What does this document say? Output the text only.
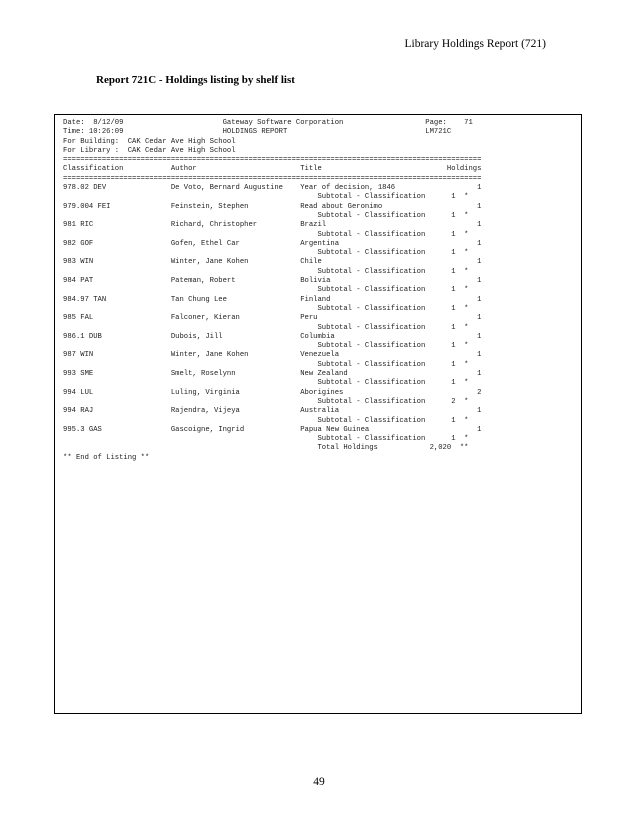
Library Holdings Report (721)
Report 721C - Holdings listing by shelf list
Date:  8/12/09                       Gateway Software Corporation                   Page:    71
Time: 10:26:09                       HOLDINGS REPORT                                LM721C
For Building:  CAK Cedar Ave High School
For Library :  CAK Cedar Ave High School
=================================================================================================
Classification           Author                        Title                             Holdings
=================================================================================================
978.02 DEV               De Voto, Bernard Augustine    Year of decision, 1846                   1
Subtotal - Classification      1  *
979.004 FEI              Feinstein, Stephen            Read about Geronimo                      1
Subtotal - Classification      1  *
981 RIC                  Richard, Christopher          Brazil                                   1
Subtotal - Classification      1  *
982 GOF                  Gofen, Ethel Car              Argentina                                1
Subtotal - Classification      1  *
983 WIN                  Winter, Jane Kohen            Chile                                    1
Subtotal - Classification      1  *
984 PAT                  Pateman, Robert               Bolivia                                  1
Subtotal - Classification      1  *
984.97 TAN               Tan Chung Lee                 Finland                                  1
Subtotal - Classification      1  *
985 FAL                  Falconer, Kieran              Peru                                     1
Subtotal - Classification      1  *
986.1 DUB                Dubois, Jill                  Columbia                                 1
Subtotal - Classification      1  *
987 WIN                  Winter, Jane Kohen            Venezuela                                1
Subtotal - Classification      1  *
993 SME                  Smelt, Roselynn               New Zealand                              1
Subtotal - Classification      1  *
994 LUL                  Luling, Virginia              Aborigines                               2
Subtotal - Classification      2  *
994 RAJ                  Rajendra, Vijeya              Australia                                1
Subtotal - Classification      1  *
995.3 GAS                Gascoigne, Ingrid             Papua New Guinea                         1
Subtotal - Classification      1  *
Total Holdings            2,020  **
** End of Listing **
49
